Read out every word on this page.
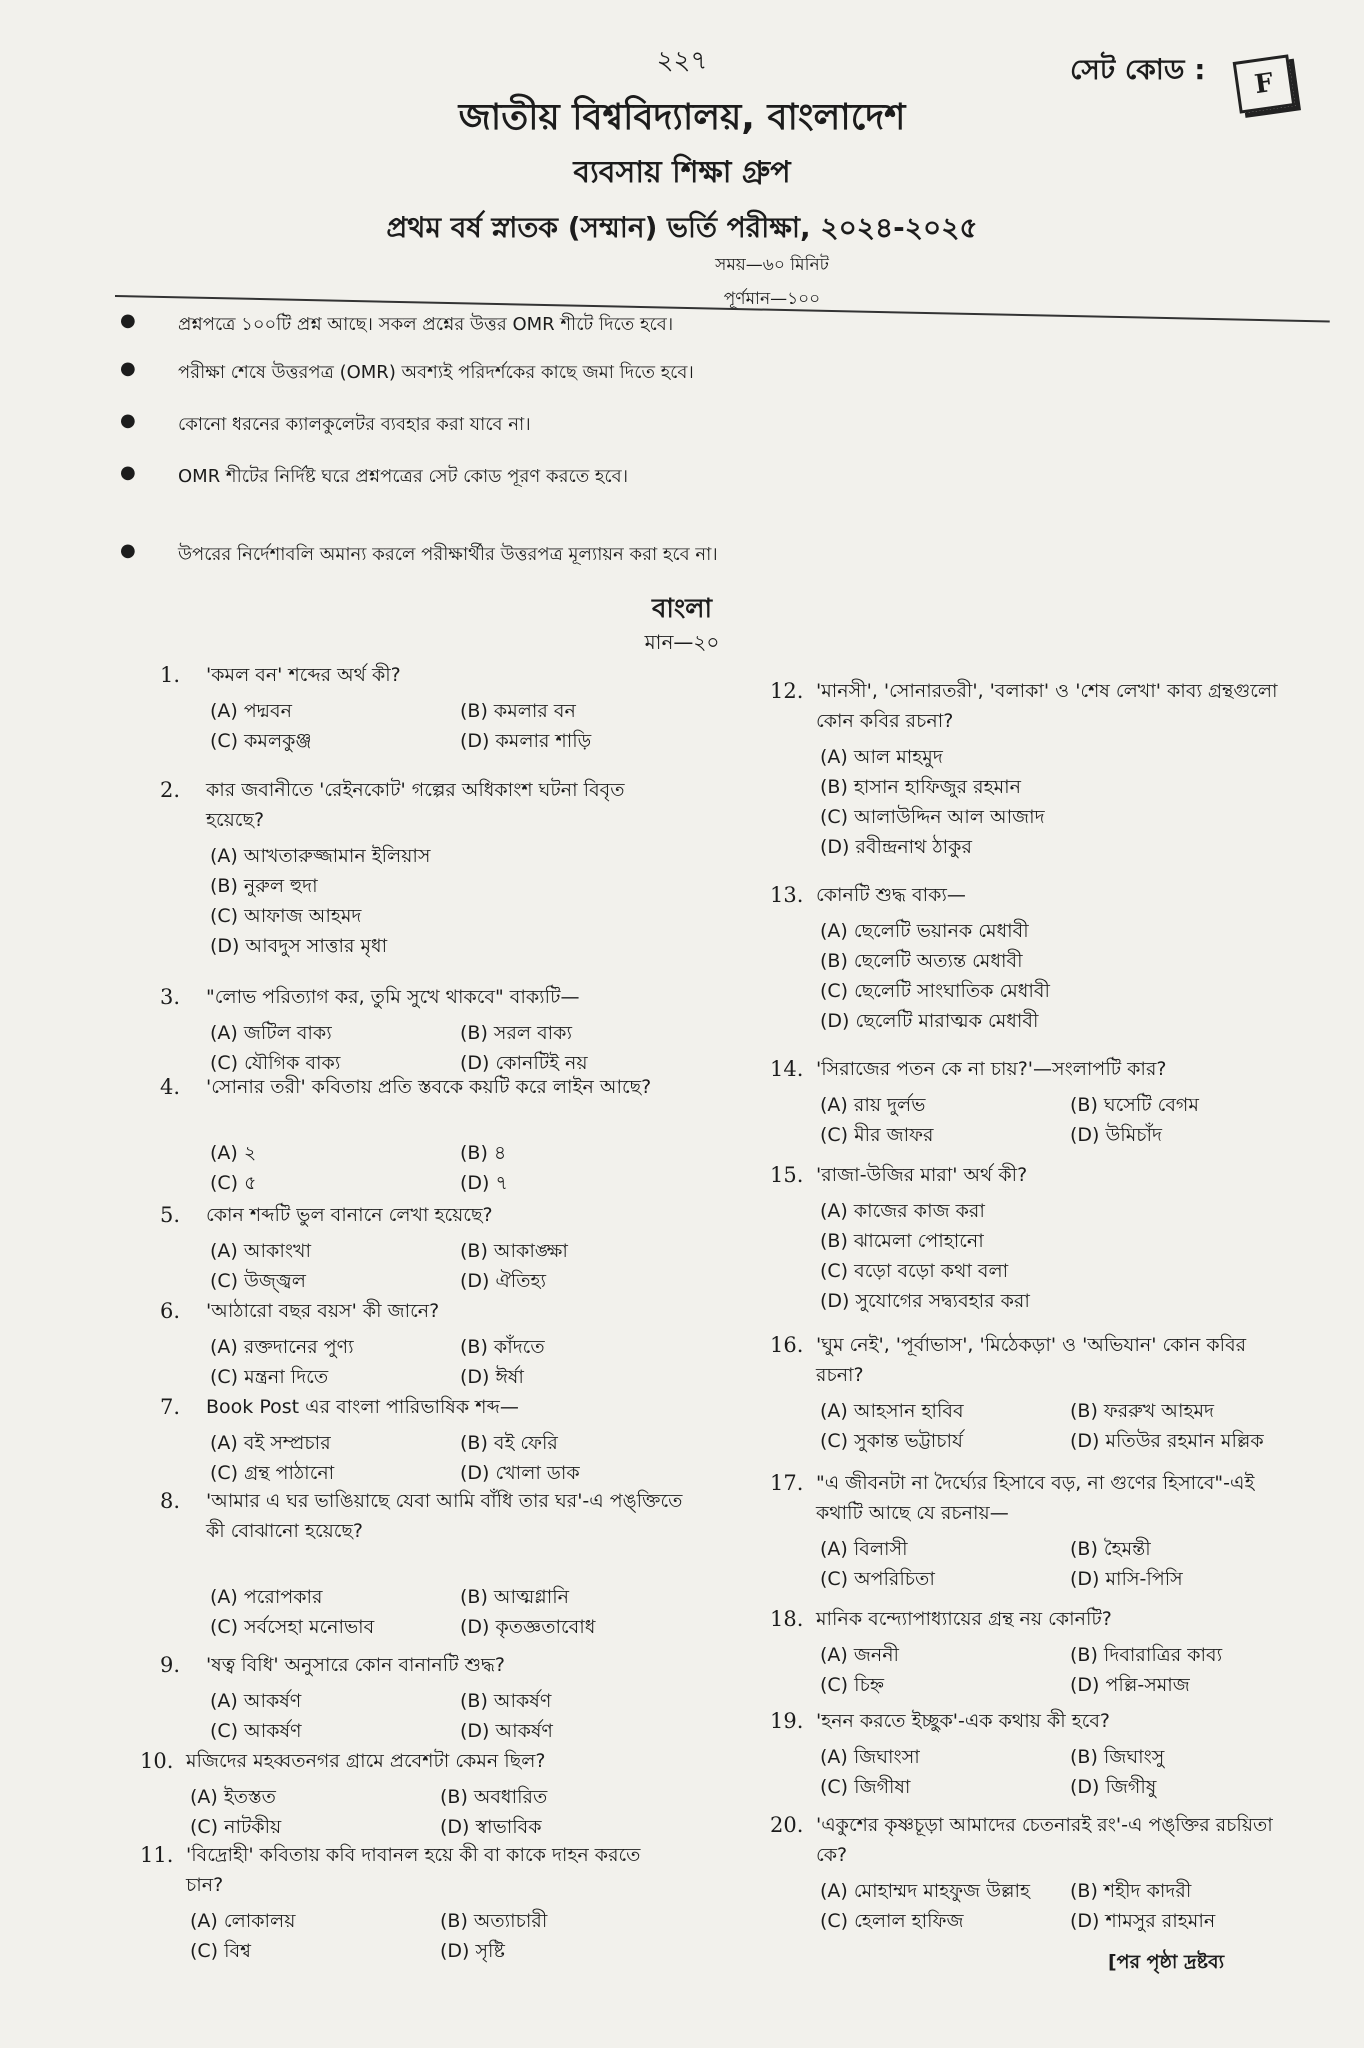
২২৭	সেট কোড :	F
জাতীয় বিশ্ববিদ্যালয়, বাংলাদেশ
ব্যবসায় শিক্ষা গ্রুপ
প্রথম বর্ষ স্নাতক (সম্মান) ভর্তি পরীক্ষা, ২০২৪-২০২৫
সময়—৬০ মিনিট
পূর্ণমান—১০০
● প্রশ্নপত্রে ১০০টি প্রশ্ন আছে। সকল প্রশ্নের উত্তর OMR শীটে দিতে হবে।
● পরীক্ষা শেষে উত্তরপত্র (OMR) অবশ্যই পরিদর্শকের কাছে জমা দিতে হবে।
● কোনো ধরনের ক্যালকুলেটর ব্যবহার করা যাবে না।
● OMR শীটের নির্দিষ্ট ঘরে প্রশ্নপত্রের সেট কোড পূরণ করতে হবে।
● উপরের নির্দেশাবলি অমান্য করলে পরীক্ষার্থীর উত্তরপত্র মূল্যায়ন করা হবে না।
বাংলা
মান—২০
1. 'কমল বন' শব্দের অর্থ কী?
(A) পদ্মবন	(B) কমলার বন
(C) কমলকুঞ্জ	(D) কমলার শাড়ি
2. কার জবানীতে 'রেইনকোট' গল্পের অধিকাংশ ঘটনা বিবৃত হয়েছে?
(A) আখতারুজ্জামান ইলিয়াস
(B) নুরুল হুদা
(C) আফাজ আহমদ
(D) আবদুস সাত্তার মৃধা
3. "লোভ পরিত্যাগ কর, তুমি সুখে থাকবে" বাক্যটি—
(A) জটিল বাক্য	(B) সরল বাক্য
(C) যৌগিক বাক্য	(D) কোনটিই নয়
4. 'সোনার তরী' কবিতায় প্রতি স্তবকে কয়টি করে লাইন আছে?
(A) ২	(B) ৪
(C) ৫	(D) ৭
5. কোন শব্দটি ভুল বানানে লেখা হয়েছে?
(A) আকাংখা	(B) আকাঙ্ক্ষা
(C) উজ্জ্বল	(D) ঐতিহ্য
6. 'আঠারো বছর বয়স' কী জানে?
(A) রক্তদানের পুণ্য	(B) কাঁদতে
(C) মন্ত্রনা দিতে	(D) ঈর্ষা
7. Book Post এর বাংলা পারিভাষিক শব্দ—
(A) বই সম্প্রচার	(B) বই ফেরি
(C) গ্রন্থ পাঠানো	(D) খোলা ডাক
8. 'আমার এ ঘর ভাঙিয়াছে যেবা আমি বাঁধি তার ঘর'-এ পঙ্‌ক্তিতে কী বোঝানো হয়েছে?
(A) পরোপকার	(B) আত্মগ্লানি
(C) সর্বসেহা মনোভাব	(D) কৃতজ্ঞতাবোধ
9. 'ষত্ব বিধি' অনুসারে কোন বানানটি শুদ্ধ?
(A) আকর্ষণ	(B) আকর্ষণ
(C) আকর্ষণ	(D) আকর্ষণ
10. মজিদের মহব্বতনগর গ্রামে প্রবেশটা কেমন ছিল?
(A) ইতস্তত	(B) অবধারিত
(C) নাটকীয়	(D) স্বাভাবিক
11. 'বিদ্রোহী' কবিতায় কবি দাবানল হয়ে কী বা কাকে দাহন করতে চান?
(A) লোকালয়	(B) অত্যাচারী
(C) বিশ্ব	(D) সৃষ্টি
12. 'মানসী', 'সোনারতরী', 'বলাকা' ও 'শেষ লেখা' কাব্য গ্রন্থগুলো কোন কবির রচনা?
(A) আল মাহমুদ
(B) হাসান হাফিজুর রহমান
(C) আলাউদ্দিন আল আজাদ
(D) রবীন্দ্রনাথ ঠাকুর
13. কোনটি শুদ্ধ বাক্য—
(A) ছেলেটি ভয়ানক মেধাবী
(B) ছেলেটি অত্যন্ত মেধাবী
(C) ছেলেটি সাংঘাতিক মেধাবী
(D) ছেলেটি মারাত্মক মেধাবী
14. 'সিরাজের পতন কে না চায়?'—সংলাপটি কার?
(A) রায় দুর্লভ	(B) ঘসেটি বেগম
(C) মীর জাফর	(D) উমিচাঁদ
15. 'রাজা-উজির মারা' অর্থ কী?
(A) কাজের কাজ করা
(B) ঝামেলা পোহানো
(C) বড়ো বড়ো কথা বলা
(D) সুযোগের সদ্ব্যবহার করা
16. 'ঘুম নেই', 'পূর্বাভাস', 'মিঠেকড়া' ও 'অভিযান' কোন কবির রচনা?
(A) আহসান হাবিব	(B) ফররুখ আহমদ
(C) সুকান্ত ভট্টাচার্য	(D) মতিউর রহমান মল্লিক
17. "এ জীবনটা না দৈর্ঘ্যের হিসাবে বড়, না গুণের হিসাবে"-এই কথাটি আছে যে রচনায়—
(A) বিলাসী	(B) হৈমন্তী
(C) অপরিচিতা	(D) মাসি-পিসি
18. মানিক বন্দ্যোপাধ্যায়ের গ্রন্থ নয় কোনটি?
(A) জননী	(B) দিবারাত্রির কাব্য
(C) চিহ্ন	(D) পল্লি-সমাজ
19. 'হনন করতে ইচ্ছুক'-এক কথায় কী হবে?
(A) জিঘাংসা	(B) জিঘাংসু
(C) জিগীষা	(D) জিগীষু
20. 'একুশের কৃষ্ণচূড়া আমাদের চেতনারই রং'-এ পঙ্‌ক্তির রচয়িতা কে?
(A) মোহাম্মদ মাহফুজ উল্লাহ (B) শহীদ কাদরী
(C) হেলাল হাফিজ	(D) শামসুর রাহমান
[পর পৃষ্ঠা দ্রষ্টব্য
